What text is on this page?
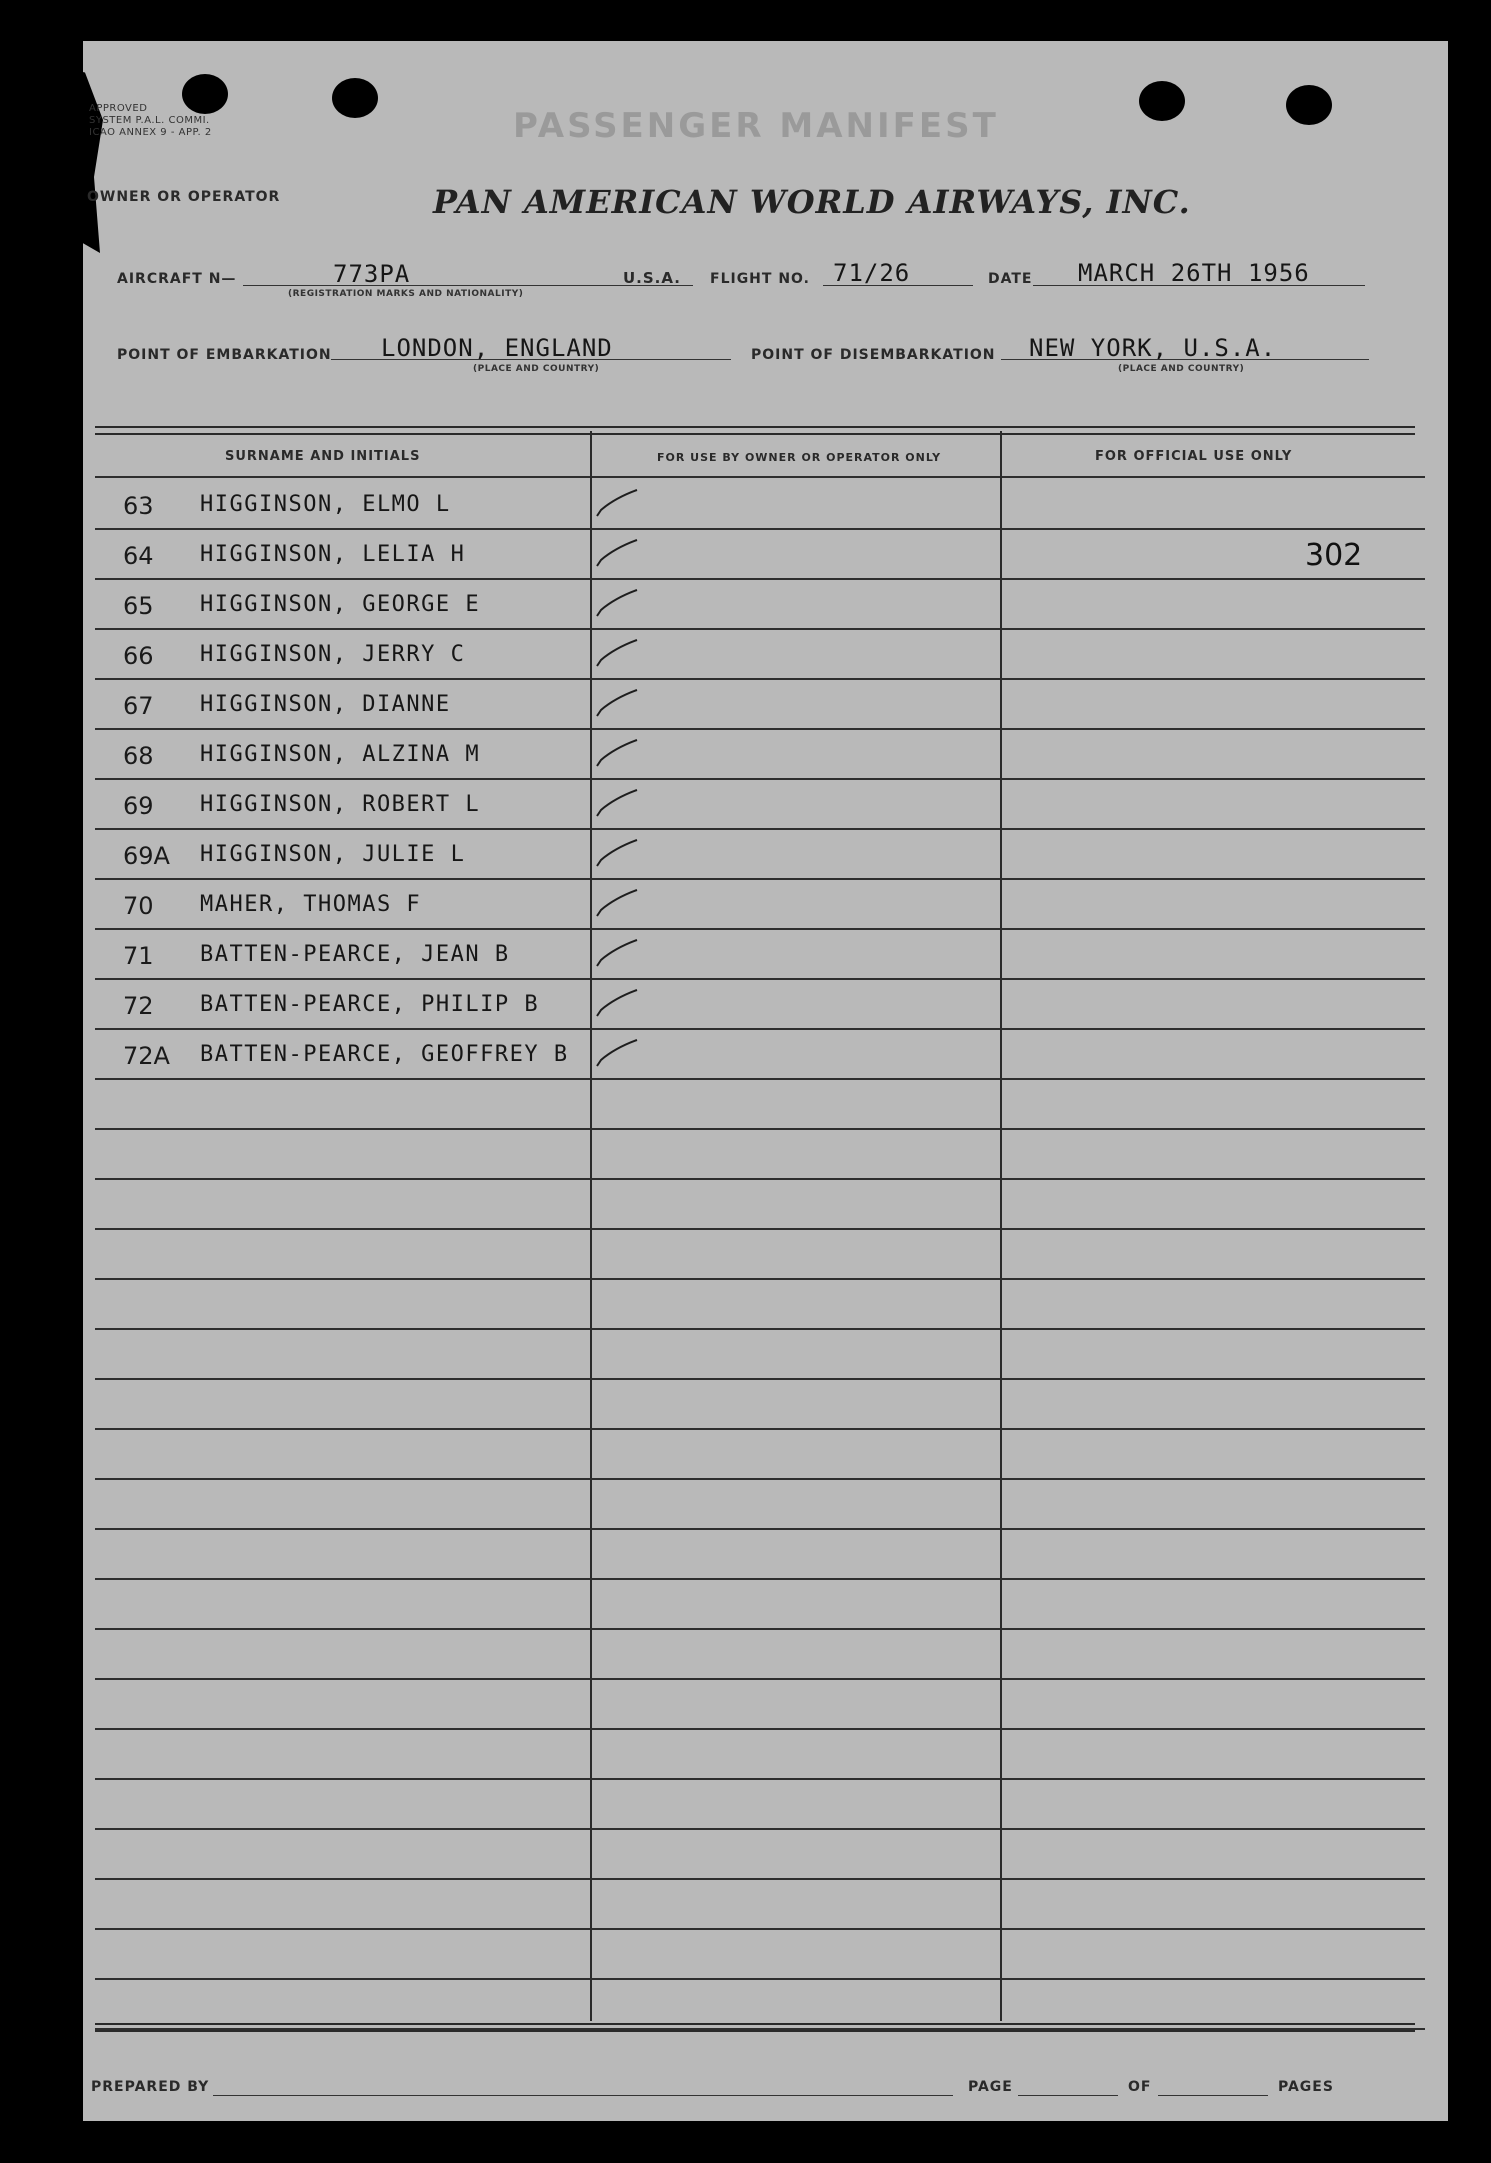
APPROVED
SYSTEM P.A.L. COMMI.
ICAO ANNEX 9 - APP. 2	PASSENGER MANIFEST
OWNER OR OPERATOR	PAN AMERICAN WORLD AIRWAYS, INC.
AIRCRAFT N—	773PA
(REGISTRATION MARKS AND NATIONALITY)
U.S.A. FLIGHT NO. 71/26	DATE MARCH 26TH 1956
POINT OF EMBARKATION LONDON, ENGLAND
(PLACE AND COUNTRY)
POINT OF DISEMBARKATION NEW YORK, U.S.A.
(PLACE AND COUNTRY)
SURNAME AND INITIALS	FOR USE BY OWNER OR OPERATOR ONLY	FOR OFFICIAL USE ONLY
63 HIGGINSON, ELMO L
64 HIGGINSON, LELIA H	302
65 HIGGINSON, GEORGE E
66 HIGGINSON, JERRY C
67 HIGGINSON, DIANNE
68 HIGGINSON, ALZINA M
69 HIGGINSON, ROBERT L
69A HIGGINSON, JULIE L
70 MAHER, THOMAS F
71 BATTEN-PEARCE, JEAN B
72 BATTEN-PEARCE, PHILIP B
72A BATTEN-PEARCE, GEOFFREY B
PREPARED BY	PAGE	OF	PAGES
